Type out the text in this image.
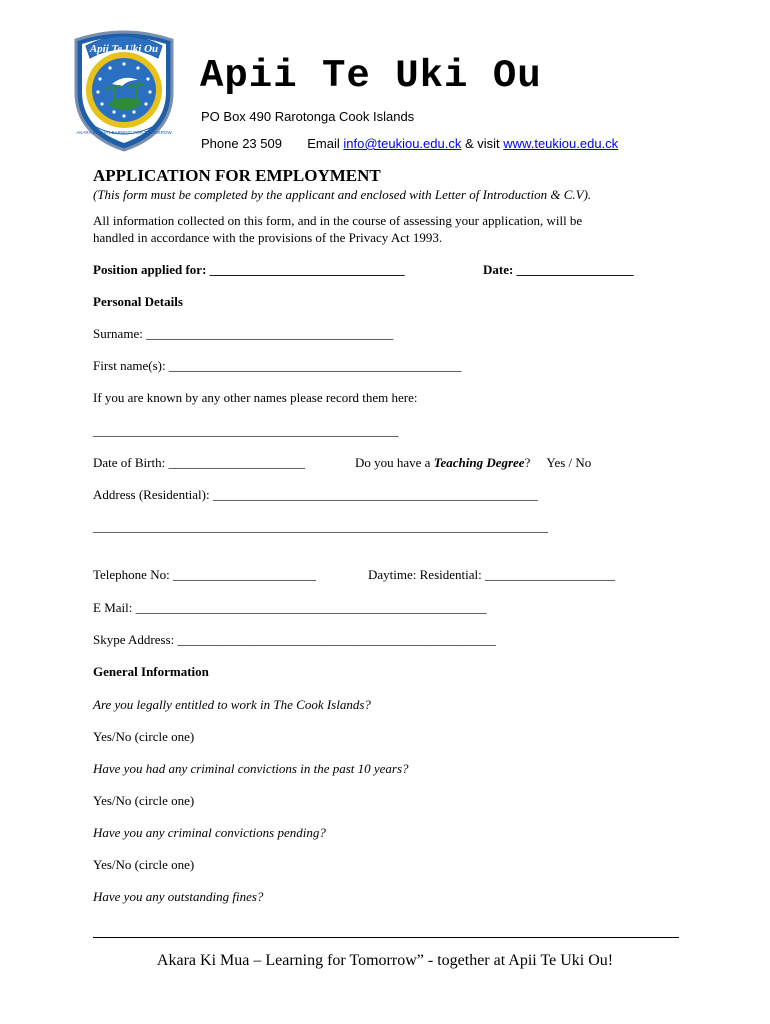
Apii Te Uki Ou
AKARA KI MUA LEARNING FOR TOMORROW
Apii Te Uki Ou
PO Box 490 Rarotonga Cook Islands
Phone 23 509 Email info@teukiou.edu.ck & visit www.teukiou.edu.ck
APPLICATION FOR EMPLOYMENT
(This form must be completed by the applicant and enclosed with Letter of Introduction & C.V).
All information collected on this form, and in the course of assessing your application, will be
handled in accordance with the provisions of the Privacy Act 1993.
Position applied for: ______________________________	Date: __________________
Personal Details
Surname: ______________________________________
First name(s): _____________________________________________
If you are known by any other names please record them here:
_______________________________________________
Date of Birth: _____________________	Do you have a Teaching Degree? Yes / No
Address (Residential): __________________________________________________
______________________________________________________________________
Telephone No: ______________________	Daytime: Residential: ____________________
E Mail: ______________________________________________________
Skype Address: _________________________________________________
General Information
Are you legally entitled to work in The Cook Islands?
Yes/No (circle one)
Have you had any criminal convictions in the past 10 years?
Yes/No (circle one)
Have you any criminal convictions pending?
Yes/No (circle one)
Have you any outstanding fines?
Akara Ki Mua – Learning for Tomorrow” - together at Apii Te Uki Ou!
